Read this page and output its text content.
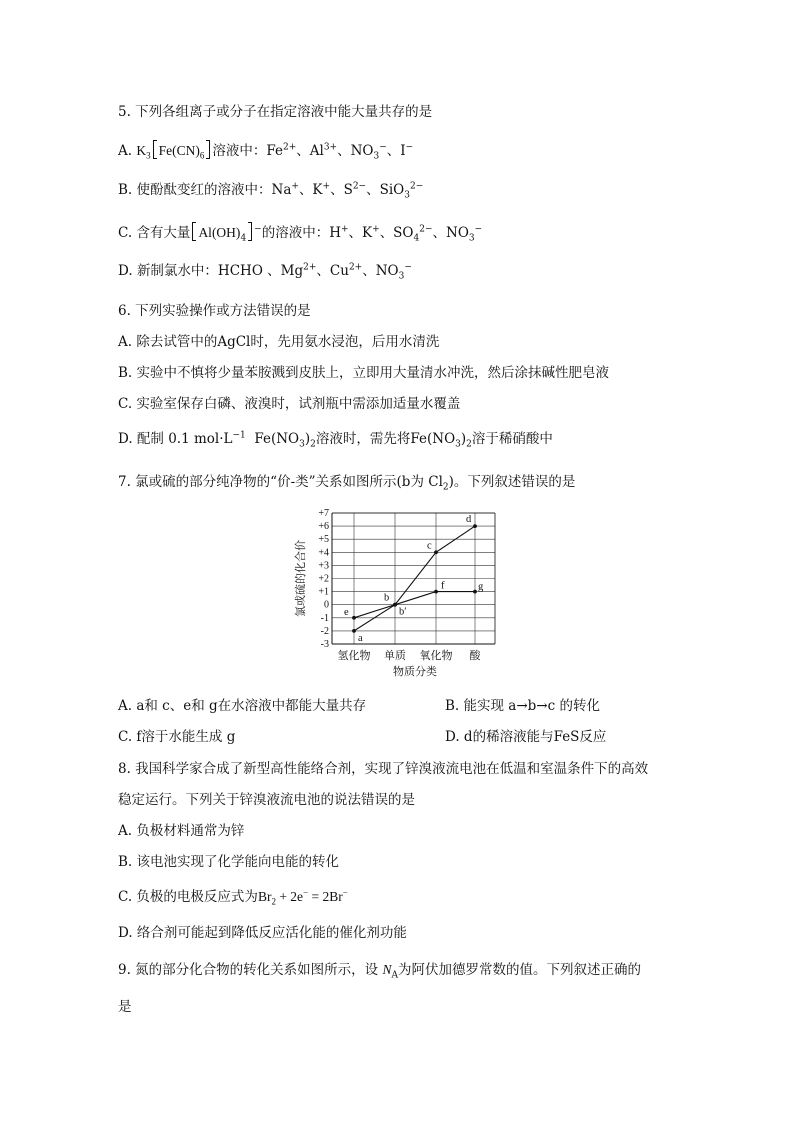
5. 下列各组离子或分子在指定溶液中能大量共存的是
A. $K_3$ $Fe(CN)_6$ 溶液中：$Fe^{2+}$、$Al^{3+}$、$NO_3^-$、I−
B. 使酚酞变红的溶液中：Na+、K+、$S^{2-}$、SiO$_3^{2-}$
C. 含有大量 $Al(OH)_4^-$的溶液中：H+、K+、$SO_4^{2-}$、$NO_3^-$
D. 新制氯水中：HCHO 、$Mg^{2+}$、$Cu^{2+}$、$NO_3^-$
6. 下列实验操作或方法错误的是
A. 除去试管中的AgCl时，先用氨水浸泡，后用水清洗
B. 实验中不慎将少量苯胺溅到皮肤上，立即用大量清水冲洗，然后涂抹碱性肥皂液
C. 实验室保存白磷、液溴时，试剂瓶中需添加适量水覆盖
D. 配制 0.1 $mol\cdot L^{-1}$ $Fe(NO_3)_2$溶液时，需先将$Fe(NO_3)_2$溶于稀硝酸中
7. 氯或硫的部分纯净物的“价-类”关系如图所示(b为 $Cl_2$)。下列叙述错误的是
+7
+6
+5
+4
+3
+2
+1
0
-1
-2
-3
氢化物 单质 氧化物 酸
物质分类
氯或硫的化合价
a
b
c
d
e	b′
f	g
A. a和 c、e和 g在水溶液中都能大量共存	B. 能实现 a→b→c 的转化
C. f溶于水能生成 g	D. d的稀溶液能与FeS反应
8. 我国科学家合成了新型高性能络合剂，实现了锌溴液流电池在低温和室温条件下的高效
稳定运行。下列关于锌溴液流电池的说法错误的是
A. 负极材料通常为锌
B. 该电池实现了化学能向电能的转化
C. 负极的电极反应式为$Br_2 + 2e^- = 2Br^-$
D. 络合剂可能起到降低反应活化能的催化剂功能
9. 氮的部分化合物的转化关系如图所示，设 $N_A$为阿伏加德罗常数的值。下列叙述正确的
是
